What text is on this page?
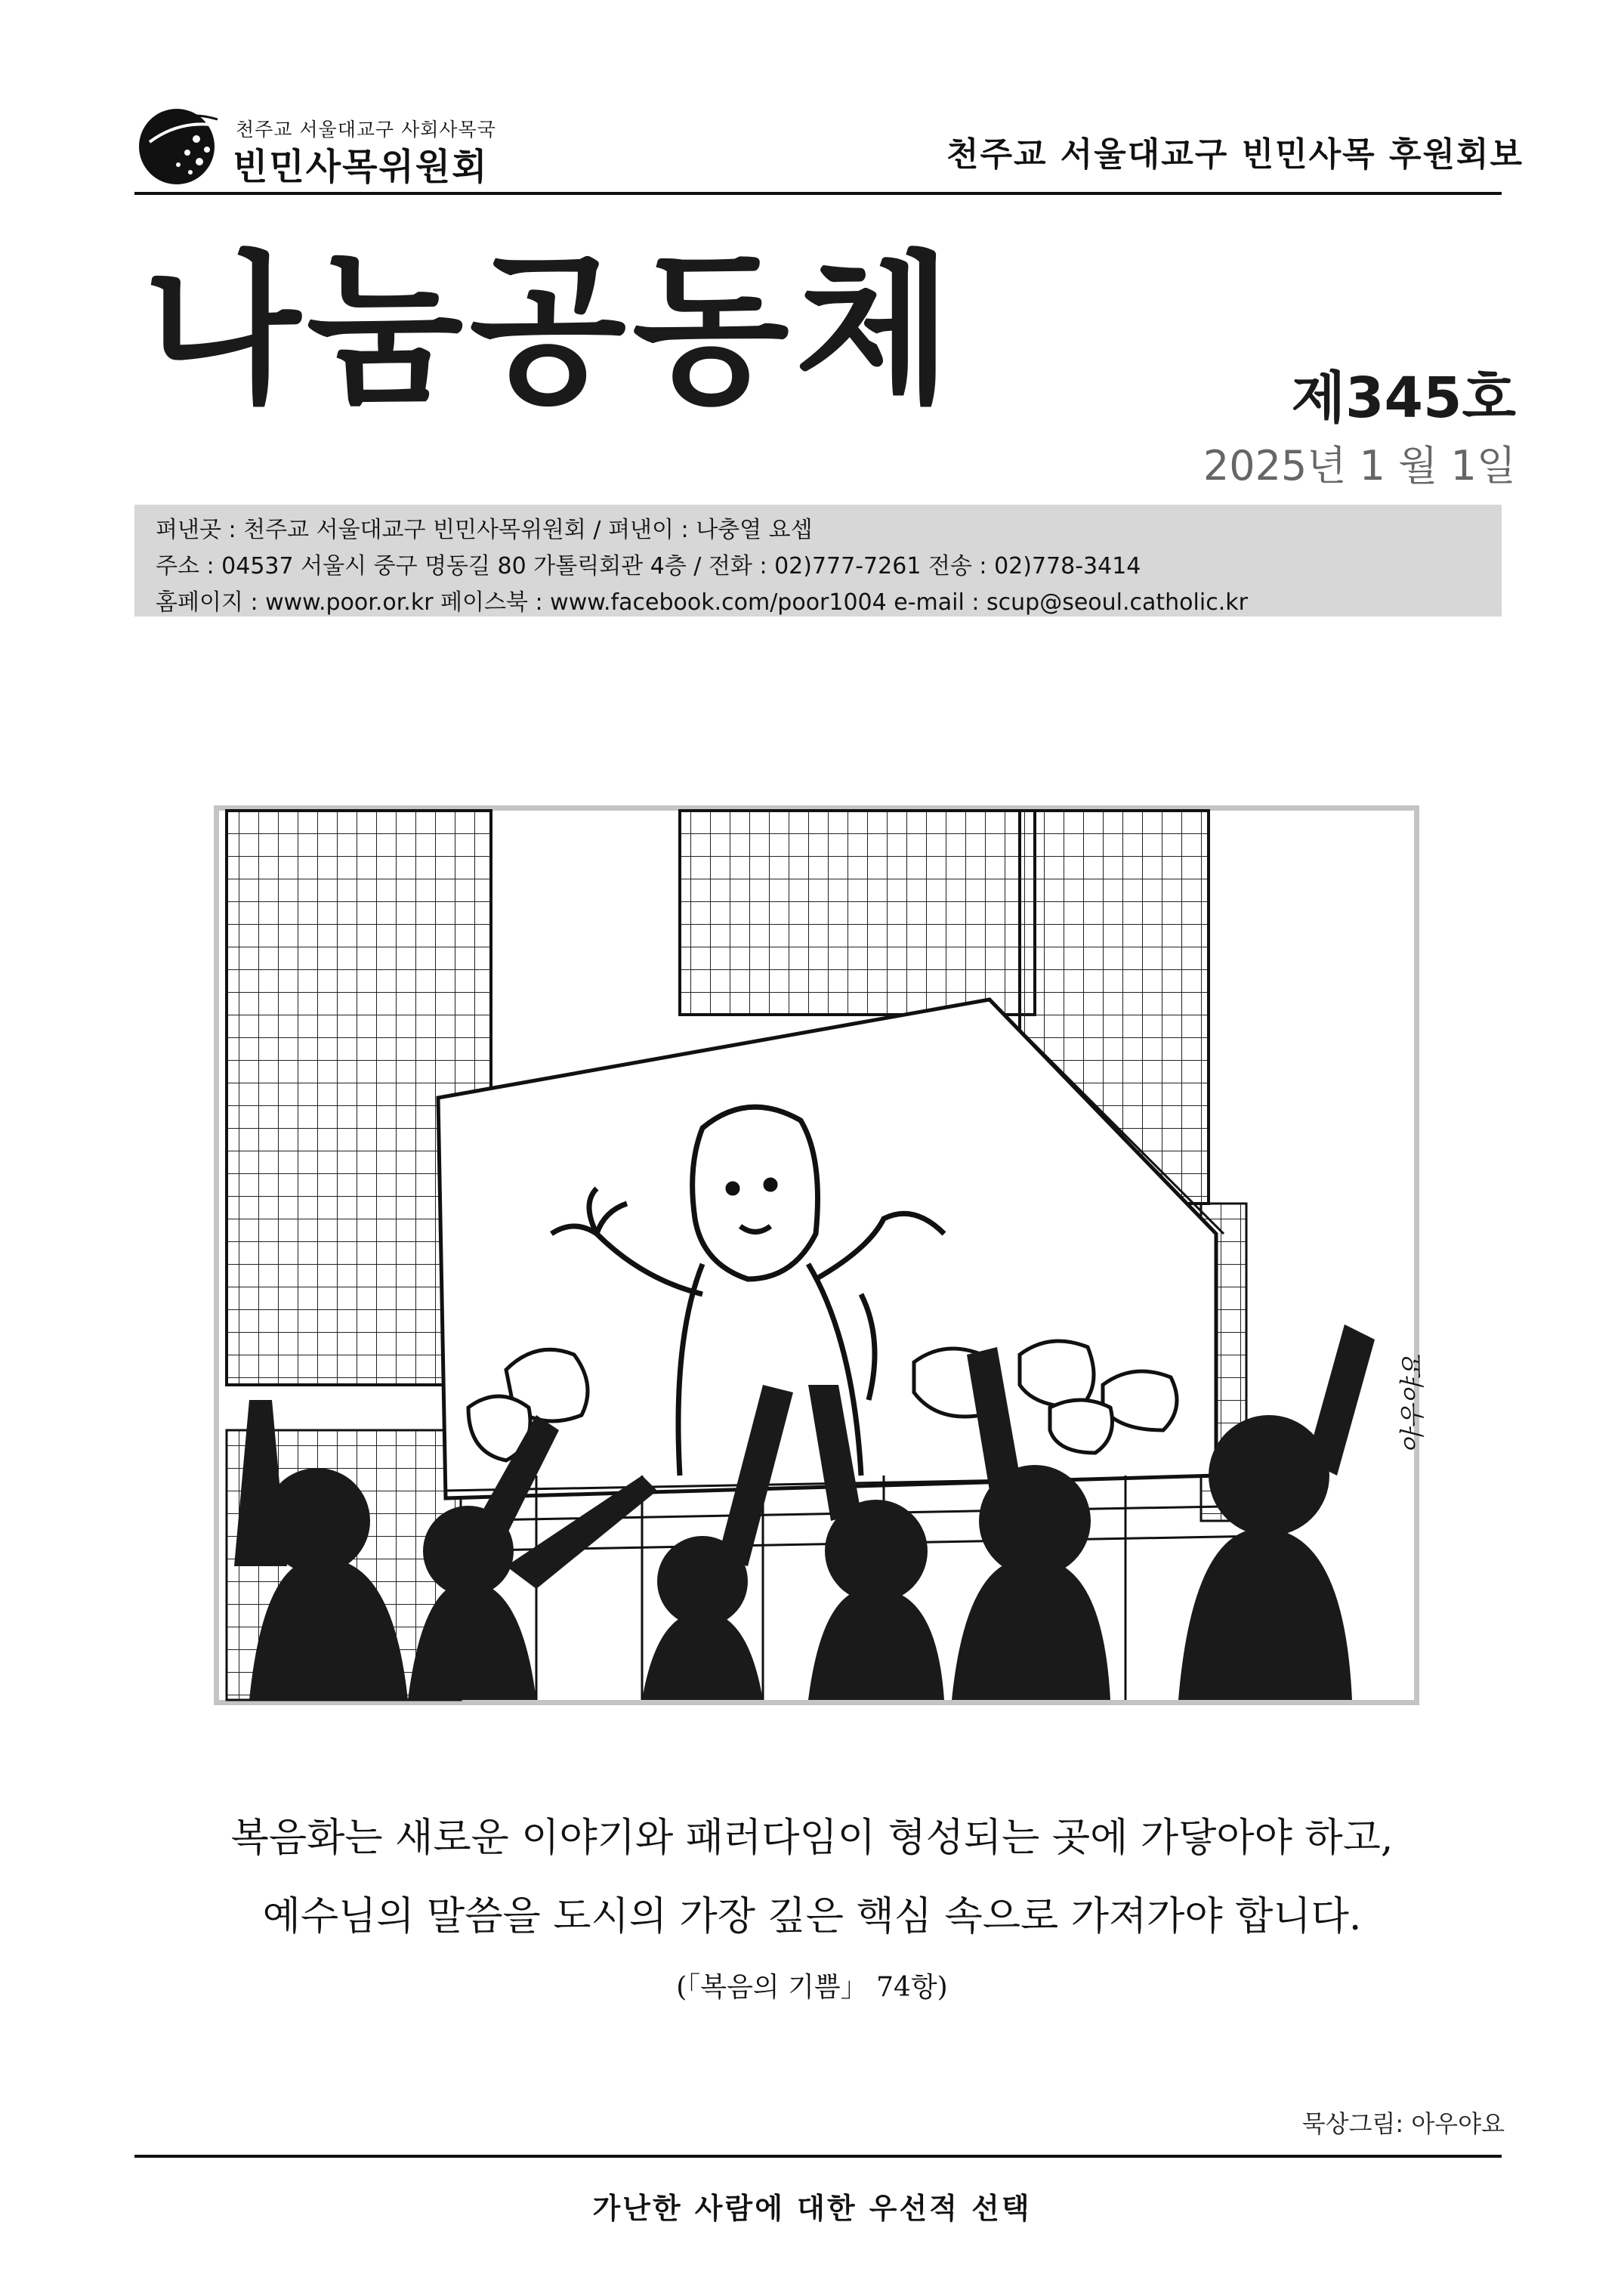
천주교 서울대교구 사회사목국
빈민사목위원회	천주교 서울대교구 빈민사목 후원회보
나눔공동체	제345호
2025년 1 월 1일
펴낸곳 : 천주교 서울대교구 빈민사목위원회 / 펴낸이 : 나충열 요셉
주소 : 04537 서울시 중구 명동길 80 가톨릭회관 4층 / 전화 : 02)777-7261 전송 : 02)778-3414
홈페이지 : www.poor.or.kr 페이스북 : www.facebook.com/poor1004 e-mail : scup@seoul.catholic.kr
아우야요
복음화는 새로운 이야기와 패러다임이 형성되는 곳에 가닿아야 하고,
예수님의 말씀을 도시의 가장 깊은 핵심 속으로 가져가야 합니다.
(「복음의 기쁨」 74항)
묵상그림: 아우야요
가난한 사람에 대한 우선적 선택
